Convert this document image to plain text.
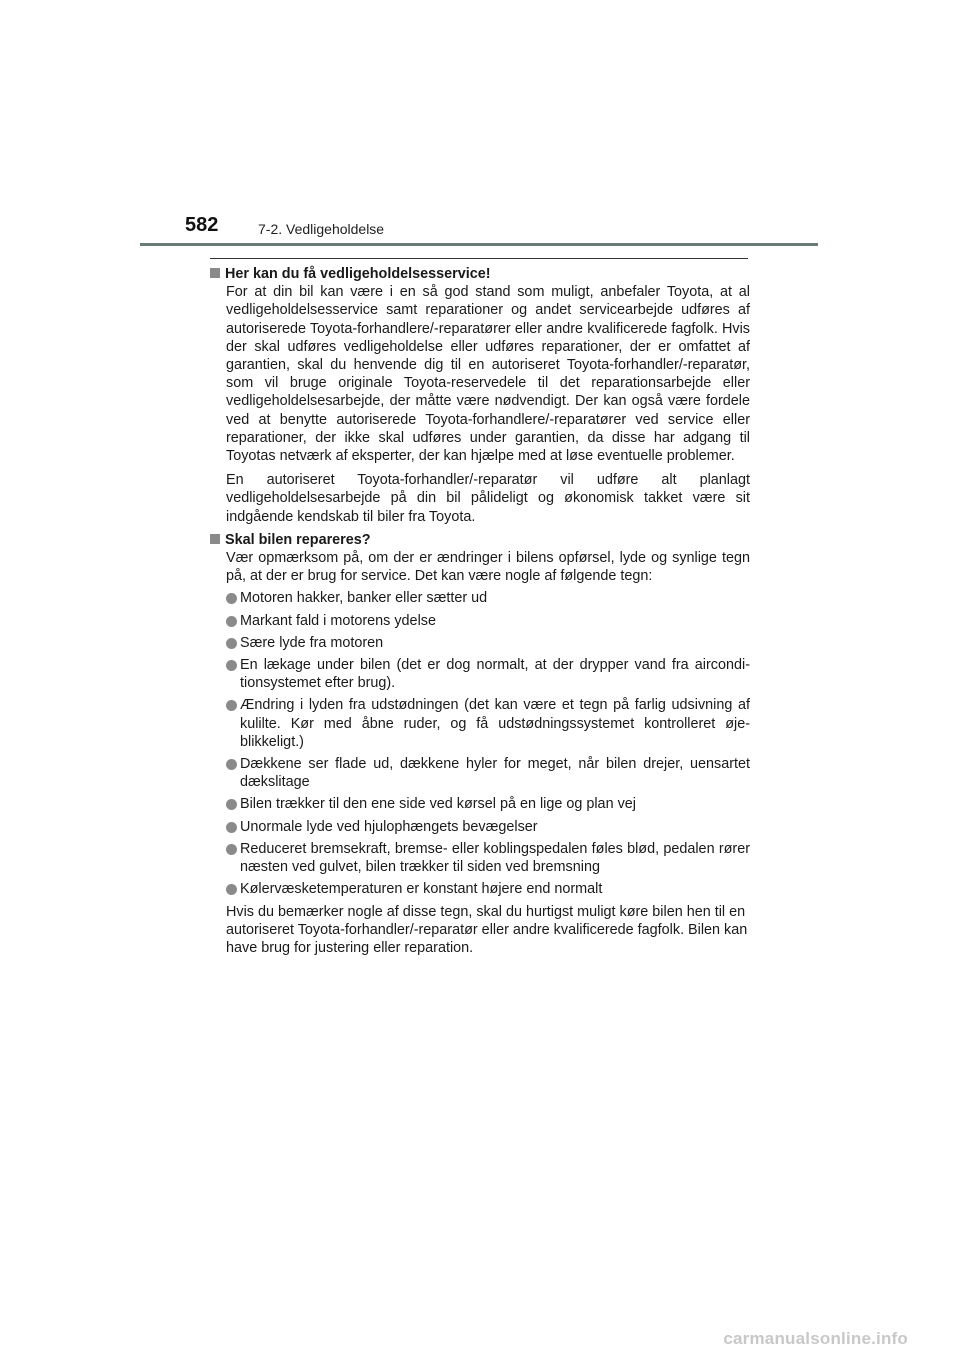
582	7-2. Vedligeholdelse
Her kan du få vedligeholdelsesservice!

For at din bil kan være i en så god stand som muligt, anbefaler Toyota, at al vedligeholdelsesservice samt reparationer og andet servicearbejde udføres af autoriserede Toyota-forhandlere/-reparatører eller andre kvalificerede fagfolk. Hvis der skal udføres vedligeholdelse eller udføres reparationer, der er omfattet af garantien, skal du henvende dig til en autoriseret Toyota-forhandler/-reparatør, som vil bruge originale Toyota-reservedele til det reparationsarbejde eller vedligeholdelsesarbejde, der måtte være nødvendigt. Der kan også være fordele ved at benytte autoriserede Toyota-forhandlere/-reparatører ved service eller reparationer, der ikke skal udføres under garantien, da disse har adgang til Toyotas netværk af eksperter, der kan hjælpe med at løse eventuelle problemer.

En autoriseret Toyota-forhandler/-reparatør vil udføre alt planlagt vedligeholdelsesarbejde på din bil pålideligt og økonomisk takket være sit indgående kendskab til biler fra Toyota.

Skal bilen repareres?

Vær opmærksom på, om der er ændringer i bilens opførsel, lyde og synlige tegn på, at der er brug for service. Det kan være nogle af følgende tegn:

Motoren hakker, banker eller sætter ud
Markant fald i motorens ydelse
Sære lyde fra motoren
En lækage under bilen (det er dog normalt, at der drypper vand fra airconditionsystemet efter brug).
Ændring i lyden fra udstødningen (det kan være et tegn på farlig udsivning af kulilte. Kør med åbne ruder, og få udstødningssystemet kontrolleret øjeblikkeligt.)
Dækkene ser flade ud, dækkene hyler for meget, når bilen drejer, uensartet dækslitage
Bilen trækker til den ene side ved kørsel på en lige og plan vej
Unormale lyde ved hjulophængets bevægelser
Reduceret bremsekraft, bremse- eller koblingspedalen føles blød, pedalen rører næsten ved gulvet, bilen trækker til siden ved bremsning
Kølervæsketemperaturen er konstant højere end normalt

Hvis du bemærker nogle af disse tegn, skal du hurtigst muligt køre bilen hen til en autoriseret Toyota-forhandler/-reparatør eller andre kvalificerede fagfolk. Bilen kan have brug for justering eller reparation.

carmanualsonline.info
